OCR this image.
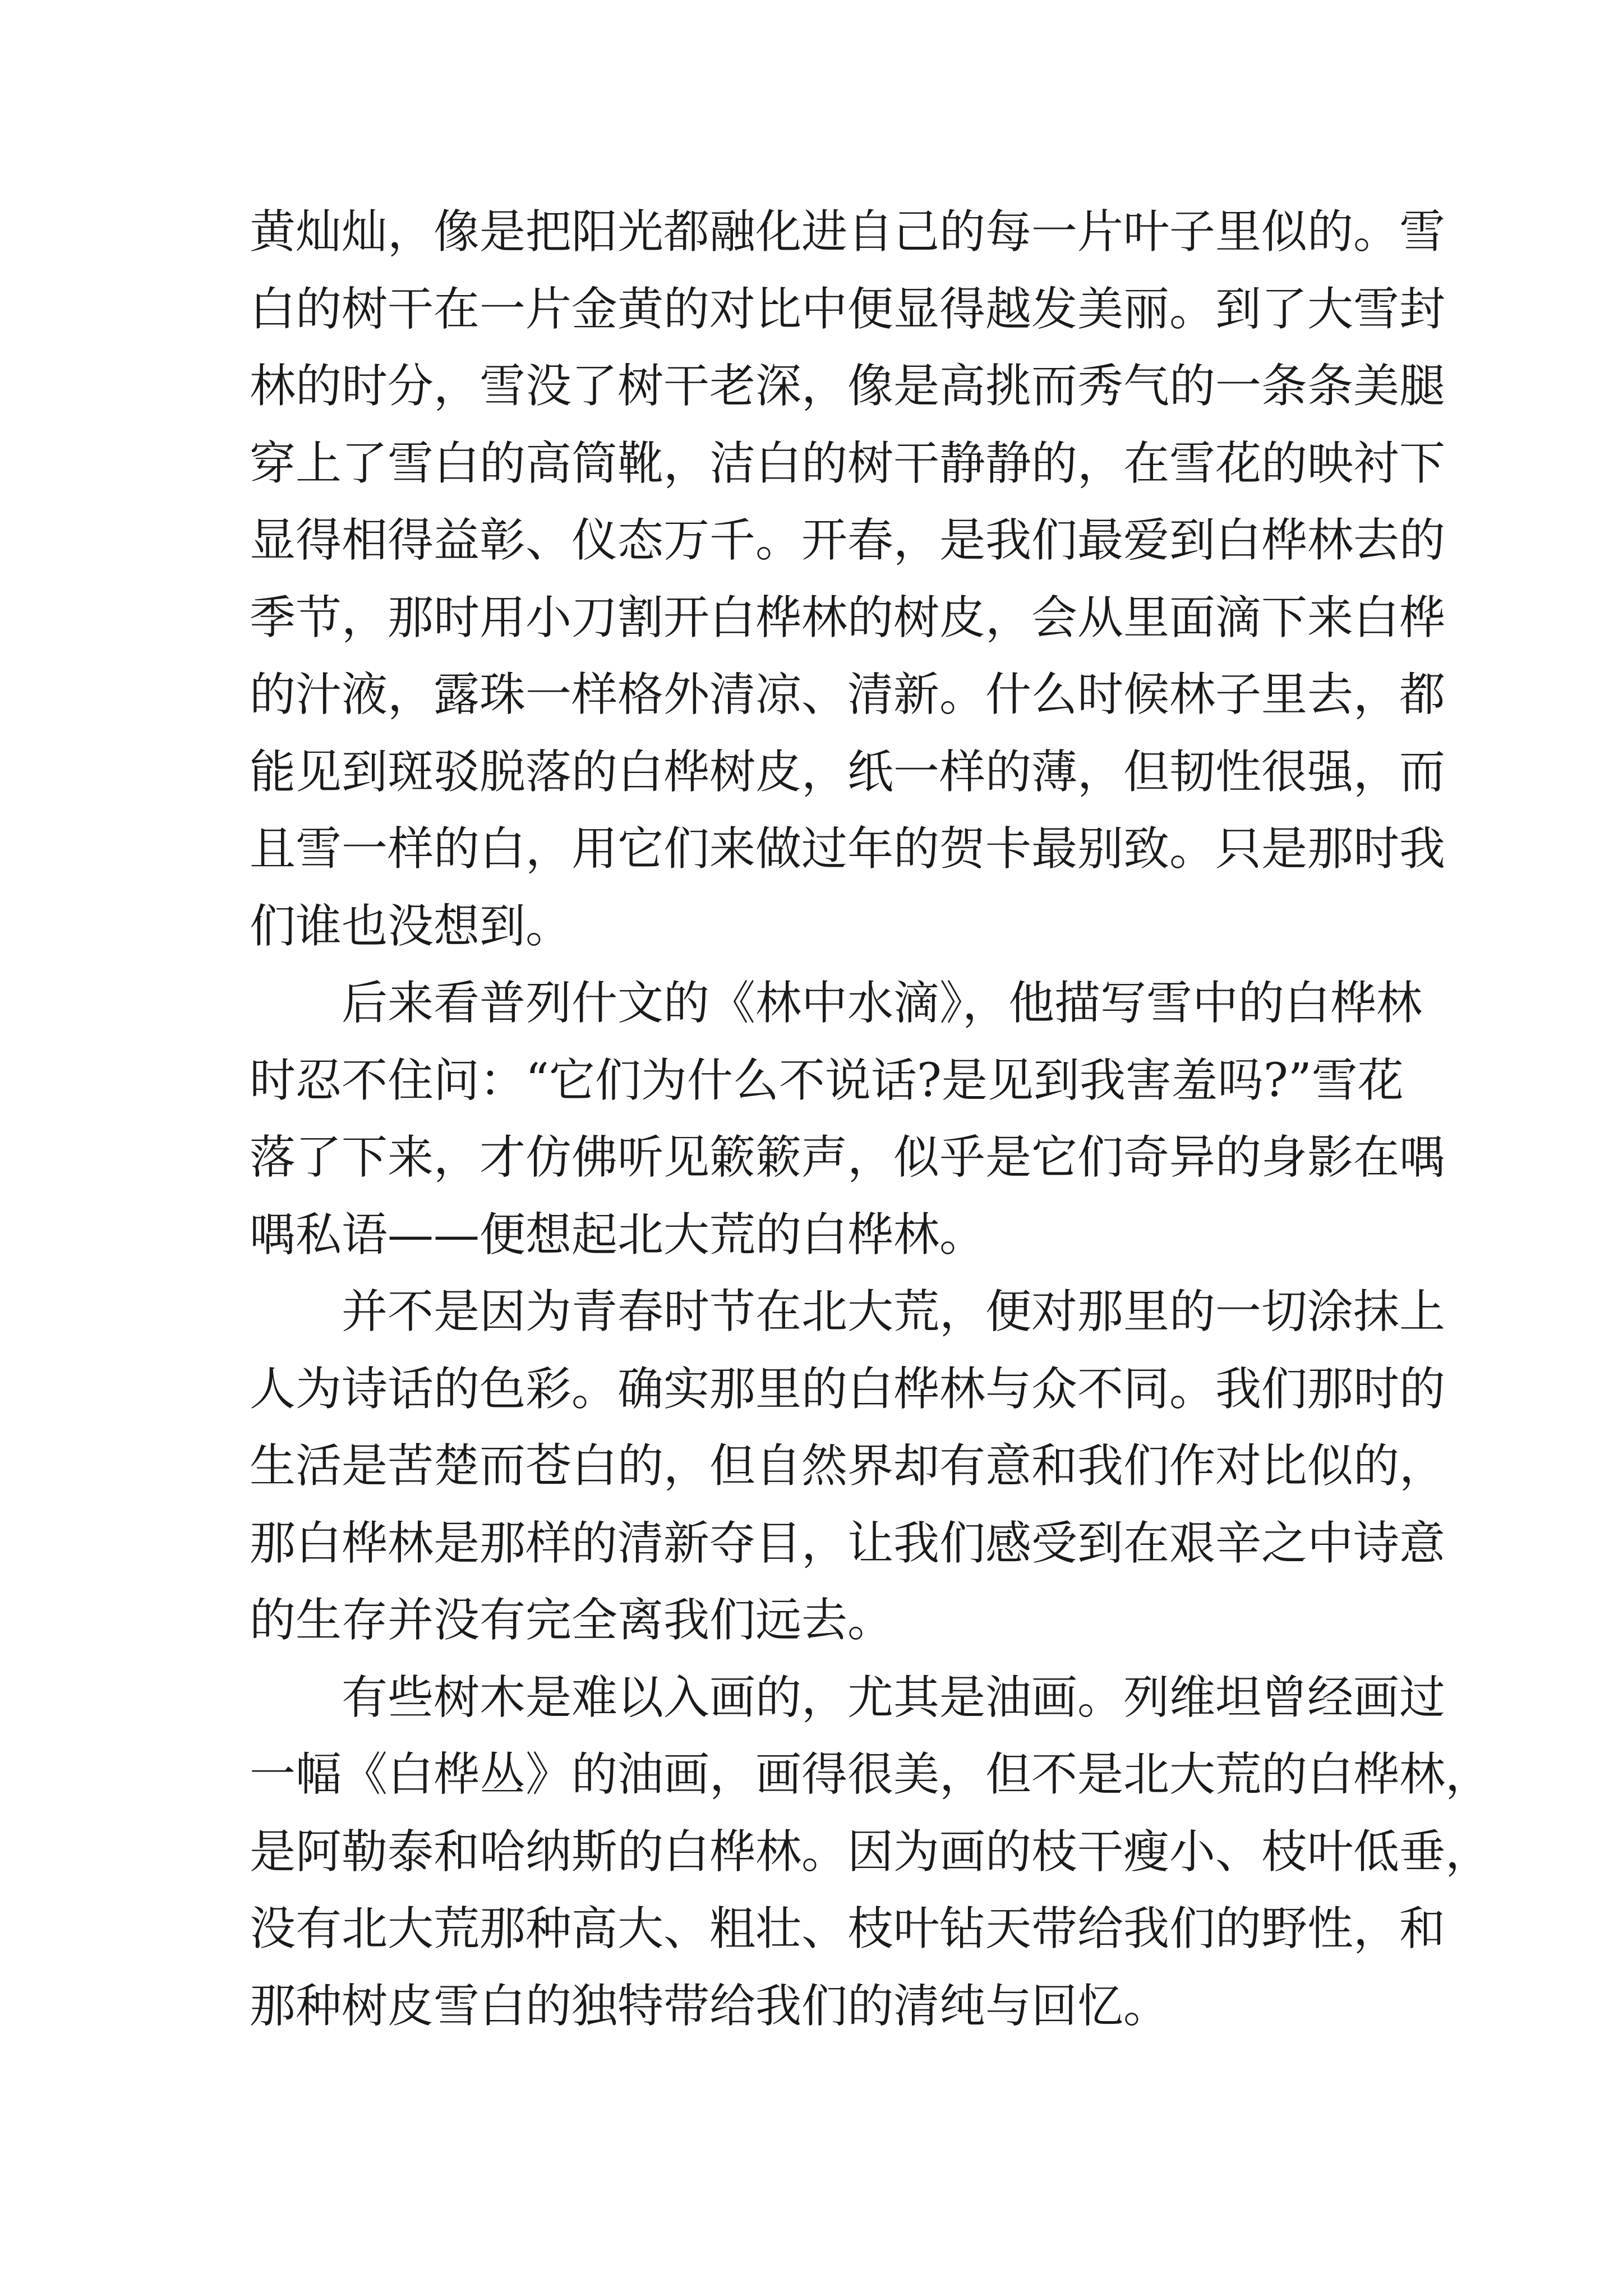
黄灿灿，像是把阳光都融化进自己的每一片叶子里似的。雪
白的树干在一片金黄的对比中便显得越发美丽。到了大雪封
林的时分，雪没了树干老深，像是高挑而秀气的一条条美腿
穿上了雪白的高筒靴，洁白的树干静静的，在雪花的映衬下
显得相得益彰、仪态万千。开春，是我们最爱到白桦林去的
季节，那时用小刀割开白桦林的树皮，会从里面滴下来白桦
的汁液，露珠一样格外清凉、清新。什么时候林子里去，都
能见到斑驳脱落的白桦树皮，纸一样的薄，但韧性很强，而
且雪一样的白，用它们来做过年的贺卡最别致。只是那时我
们谁也没想到。
后来看普列什文的《林中水滴》，他描写雪中的白桦林
时忍不住问：“它们为什么不说话?是见到我害羞吗?”雪花
落了下来，才仿佛听见簌簌声，似乎是它们奇异的身影在喁
喁私语——便想起北大荒的白桦林。
并不是因为青春时节在北大荒，便对那里的一切涂抹上
人为诗话的色彩。确实那里的白桦林与众不同。我们那时的
生活是苦楚而苍白的，但自然界却有意和我们作对比似的，
那白桦林是那样的清新夺目，让我们感受到在艰辛之中诗意
的生存并没有完全离我们远去。
有些树木是难以入画的，尤其是油画。列维坦曾经画过
一幅《白桦丛》的油画，画得很美，但不是北大荒的白桦林，
是阿勒泰和哈纳斯的白桦林。因为画的枝干瘦小、枝叶低垂，
没有北大荒那种高大、粗壮、枝叶钻天带给我们的野性，和
那种树皮雪白的独特带给我们的清纯与回忆。
